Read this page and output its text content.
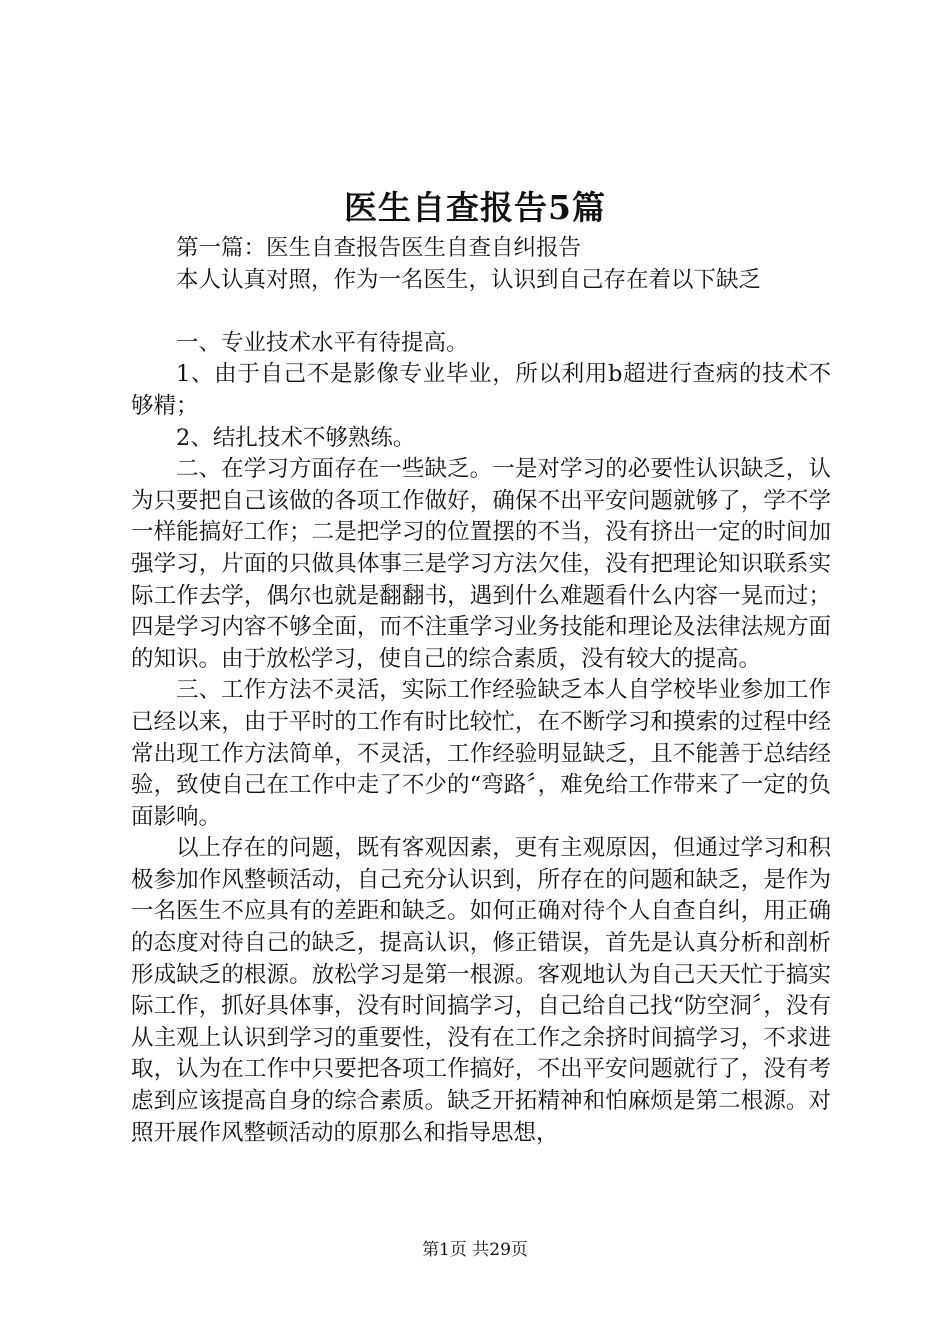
医生自查报告5篇

第一篇：医生自查报告医生自查自纠报告

本人认真对照，作为一名医生，认识到自己存在着以下缺乏

一、专业技术水平有待提高。

1、由于自己不是影像专业毕业，所以利用b超进行查病的技术不够精；

2、结扎技术不够熟练。

二、在学习方面存在一些缺乏。一是对学习的必要性认识缺乏，认为只要把自己该做的各项工作做好，确保不出平安问题就够了，学不学一样能搞好工作；二是把学习的位置摆的不当，没有挤出一定的时间加强学习，片面的只做具体事三是学习方法欠佳，没有把理论知识联系实际工作去学，偶尔也就是翻翻书，遇到什么难题看什么内容一晃而过；四是学习内容不够全面，而不注重学习业务技能和理论及法律法规方面的知识。由于放松学习，使自己的综合素质，没有较大的提高。

三、工作方法不灵活，实际工作经验缺乏本人自学校毕业参加工作已经以来，由于平时的工作有时比较忙，在不断学习和摸索的过程中经常出现工作方法简单，不灵活，工作经验明显缺乏，且不能善于总结经验，致使自己在工作中走了不少的“弯路〞，难免给工作带来了一定的负面影响。

以上存在的问题，既有客观因素，更有主观原因，但通过学习和积极参加作风整顿活动，自己充分认识到，所存在的问题和缺乏，是作为一名医生不应具有的差距和缺乏。如何正确对待个人自查自纠，用正确的态度对待自己的缺乏，提高认识，修正错误，首先是认真分析和剖析形成缺乏的根源。放松学习是第一根源。客观地认为自己天天忙于搞实际工作，抓好具体事，没有时间搞学习，自己给自己找“防空洞〞，没有从主观上认识到学习的重要性，没有在工作之余挤时间搞学习，不求进取，认为在工作中只要把各项工作搞好，不出平安问题就行了，没有考虑到应该提高自身的综合素质。缺乏开拓精神和怕麻烦是第二根源。对照开展作风整顿活动的原那么和指导思想，

第1页 共29页
